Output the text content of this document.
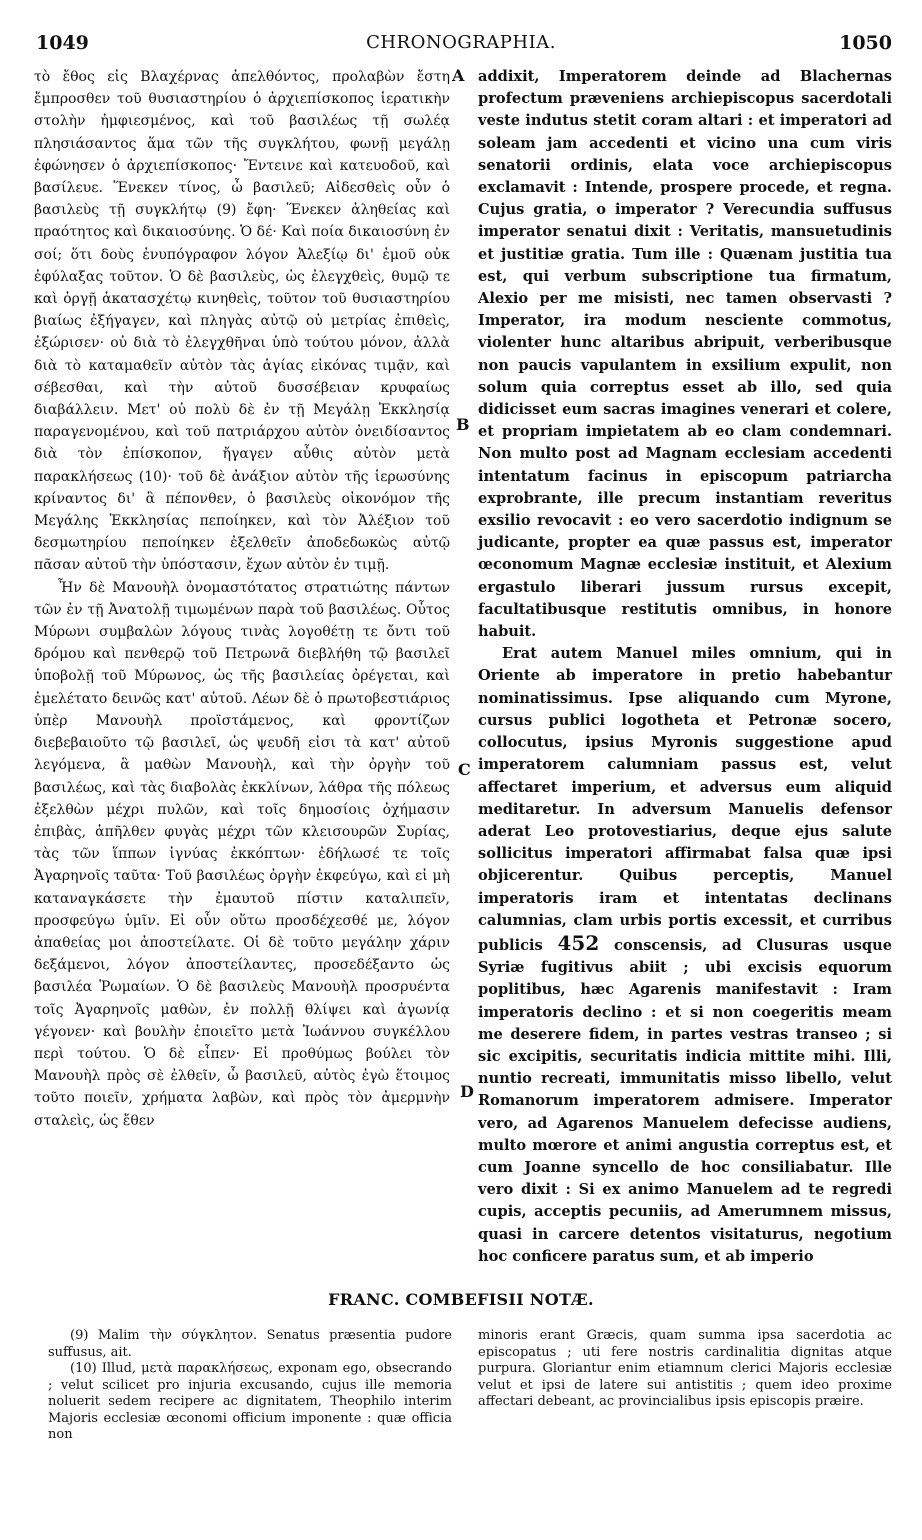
1049	CHRONOGRAPHIA.	1050

τὸ ἔθος εἰς Βλαχέρνας ἀπελθόντος, προλαβὼν ἔστη ἔμπροσθεν τοῦ θυσιαστηρίου ὁ ἀρχιεπίσκοπος ἱερατικὴν στολὴν ἠμφιεσμένος, καὶ τοῦ βασιλέως τῇ σωλέᾳ πλησιάσαντος ἅμα τῶν τῆς συγκλήτου, φωνῇ μεγάλῃ ἐφώνησεν ὁ ἀρχιεπίσκοπος· Ἔντεινε καὶ κατευοδοῦ, καὶ βασίλευε. Ἕνεκεν τίνος, ὦ βασιλεῦ; Αἰδεσθεὶς οὖν ὁ βασιλεὺς τῇ συγκλήτῳ (9) ἔφη· Ἕνεκεν ἀληθείας καὶ πραότητος καὶ δικαιοσύνης. Ὁ δέ· Καὶ ποία δικαιοσύνη ἐν σοί; ὅτι δοὺς ἐνυπόγραφον λόγον Ἀλεξίῳ δι' ἐμοῦ οὐκ ἐφύλαξας τοῦτον. Ὁ δὲ βασιλεὺς, ὡς ἐλεγχθεὶς, θυμῷ τε καὶ ὀργῇ ἀκατασχέτῳ κινηθεὶς, τοῦτον τοῦ θυσιαστηρίου βιαίως ἐξήγαγεν, καὶ πληγὰς αὐτῷ οὐ μετρίας ἐπιθεὶς, ἐξώρισεν· οὐ διὰ τὸ ἐλεγχθῆναι ὑπὸ τούτου μόνον, ἀλλὰ διὰ τὸ καταμαθεῖν αὐτὸν τὰς ἁγίας εἰκόνας τιμᾷν, καὶ σέβεσθαι, καὶ τὴν αὐτοῦ δυσσέβειαν κρυφαίως διαβάλλειν. Μετ' οὐ πολὺ δὲ ἐν τῇ Μεγάλῃ Ἐκκλησίᾳ παραγενομένου, καὶ τοῦ πατριάρχου αὐτὸν ὀνειδίσαντος διὰ τὸν ἐπίσκοπον, ἤγαγεν αὖθις αὐτὸν μετὰ παρακλήσεως (10)· τοῦ δὲ ἀνάξιον αὐτὸν τῆς ἱερωσύνης κρίναντος δι' ἃ πέπονθεν, ὁ βασιλεὺς οἰκονόμον τῆς Μεγάλης Ἐκκλησίας πεποίηκεν, καὶ τὸν Ἀλέξιον τοῦ δεσμωτηρίου πεποίηκεν ἐξελθεῖν ἀποδεδωκὼς αὐτῷ πᾶσαν αὐτοῦ τὴν ὑπόστασιν, ἔχων αὐτὸν ἐν τιμῇ.

Ἦν δὲ Μανουὴλ ὀνομαστότατος στρατιώτης πάντων τῶν ἐν τῇ Ἀνατολῇ τιμωμένων παρὰ τοῦ βασιλέως. Οὗτος Μύρωνι συμβαλὼν λόγους τινὰς λογοθέτῃ τε ὄντι τοῦ δρόμου καὶ πενθερῷ τοῦ Πετρωνᾶ διεβλήθη τῷ βασιλεῖ ὑποβολῇ τοῦ Μύρωνος, ὡς τῆς βασιλείας ὀρέγεται, καὶ ἐμελέτατο δεινῶς κατ' αὐτοῦ. Λέων δὲ ὁ πρωτοβεστιάριος ὑπὲρ Μανουὴλ προϊστάμενος, καὶ φροντίζων διεβεβαιοῦτο τῷ βασιλεῖ, ὡς ψευδῆ εἰσι τὰ κατ' αὐτοῦ λεγόμενα, ἃ μαθὼν Μανουὴλ, καὶ τὴν ὀργὴν τοῦ βασιλέως, καὶ τὰς διαβολὰς ἐκκλίνων, λάθρα τῆς πόλεως ἐξελθὼν μέχρι πυλῶν, καὶ τοῖς δημοσίοις ὀχήμασιν ἐπιβὰς, ἀπῆλθεν φυγὰς μέχρι τῶν κλεισουρῶν Συρίας, τὰς τῶν ἵππων ἰγνύας ἐκκόπτων· ἐδήλωσέ τε τοῖς Ἀγαρηνοῖς ταῦτα· Τοῦ βασιλέως ὀργὴν ἐκφεύγω, καὶ εἰ μὴ καταναγκάσετε τὴν ἐμαυτοῦ πίστιν καταλιπεῖν, προσφεύγω ὑμῖν. Εἰ οὖν οὕτω προσδέχεσθέ με, λόγον ἀπαθείας μοι ἀποστείλατε. Οἱ δὲ τοῦτο μεγάλην χάριν δεξάμενοι, λόγον ἀποστείλαντες, προσεδέξαντο ὡς βασιλέα Ῥωμαίων. Ὁ δὲ βασιλεὺς Μανουὴλ προσρυέντα τοῖς Ἀγαρηνοῖς μαθὼν, ἐν πολλῇ θλίψει καὶ ἀγωνίᾳ γέγονεν· καὶ βουλὴν ἐποιεῖτο μετὰ Ἰωάννου συγκέλλου περὶ τούτου. Ὁ δὲ εἶπεν· Εἰ προθύμως βούλει τὸν Μανουὴλ πρὸς σὲ ἐλθεῖν, ὦ βασιλεῦ, αὐτὸς ἐγὼ ἕτοιμος τοῦτο ποιεῖν, χρήματα λαβὼν, καὶ πρὸς τὸν ἀμερμνὴν σταλεὶς, ὡς ἔθεν

A
B
C
D

addixit, Imperatorem deinde ad Blachernas profectum præveniens archiepiscopus sacerdotali veste indutus stetit coram altari : et imperatori ad soleam jam accedenti et vicino una cum viris senatorii ordinis, elata voce archiepiscopus exclamavit : Intende, prospere procede, et regna. Cujus gratia, o imperator ? Verecundia suffusus imperator senatui dixit : Veritatis, mansuetudinis et justitiæ gratia. Tum ille : Quænam justitia tua est, qui verbum subscriptione tua firmatum, Alexio per me misisti, nec tamen observasti ? Imperator, ira modum nesciente commotus, violenter hunc altaribus abripuit, verberibusque non paucis vapulantem in exsilium expulit, non solum quia correptus esset ab illo, sed quia didicisset eum sacras imagines venerari et colere, et propriam impietatem ab eo clam condemnari. Non multo post ad Magnam ecclesiam accedenti intentatum facinus in episcopum patriarcha exprobrante, ille precum instantiam reveritus exsilio revocavit : eo vero sacerdotio indignum se judicante, propter ea quæ passus est, imperator œconomum Magnæ ecclesiæ instituit, et Alexium ergastulo liberari jussum rursus excepit, facultatibusque restitutis omnibus, in honore habuit.

Erat autem Manuel miles omnium, qui in Oriente ab imperatore in pretio habebantur nominatissimus. Ipse aliquando cum Myrone, cursus publici logotheta et Petronæ socero, collocutus, ipsius Myronis suggestione apud imperatorem calumniam passus est, velut affectaret imperium, et adversus eum aliquid meditaretur. In adversum Manuelis defensor aderat Leo protovestiarius, deque ejus salute sollicitus imperatori affirmabat falsa quæ ipsi objicerentur. Quibus perceptis, Manuel imperatoris iram et intentatas declinans calumnias, clam urbis portis excessit, et curribus publicis 452 conscensis, ad Clusuras usque Syriæ fugitivus abiit ; ubi excisis equorum poplitibus, hæc Agarenis manifestavit : Iram imperatoris declino : et si non coegeritis meam me deserere fidem, in partes vestras transeo ; si sic excipitis, securitatis indicia mittite mihi. Illi, nuntio recreati, immunitatis misso libello, velut Romanorum imperatorem admisere. Imperator vero, ad Agarenos Manuelem defecisse audiens, multo mœrore et animi angustia correptus est, et cum Joanne syncello de hoc consiliabatur. Ille vero dixit : Si ex animo Manuelem ad te regredi cupis, acceptis pecuniis, ad Amerumnem missus, quasi in carcere detentos visitaturus, negotium hoc conficere paratus sum, et ab imperio

FRANC. COMBEFISII NOTÆ.

(9) Malim τὴν σύγκλητον. Senatus præsentia pudore suffusus, ait.

(10) Illud, μετὰ παρακλήσεως, exponam ego, obsecrando ; velut scilicet pro injuria excusando, cujus ille memoria noluerit sedem recipere ac dignitatem, Theophilo interim Majoris ecclesiæ œconomi officium imponente : quæ officia non

minoris erant Græcis, quam summa ipsa sacerdotia ac episcopatus ; uti fere nostris cardinalitia dignitas atque purpura. Gloriantur enim etiamnum clerici Majoris ecclesiæ velut et ipsi de latere sui antistitis ; quem ideo proxime affectari debeant, ac provincialibus ipsis episcopis præire.
